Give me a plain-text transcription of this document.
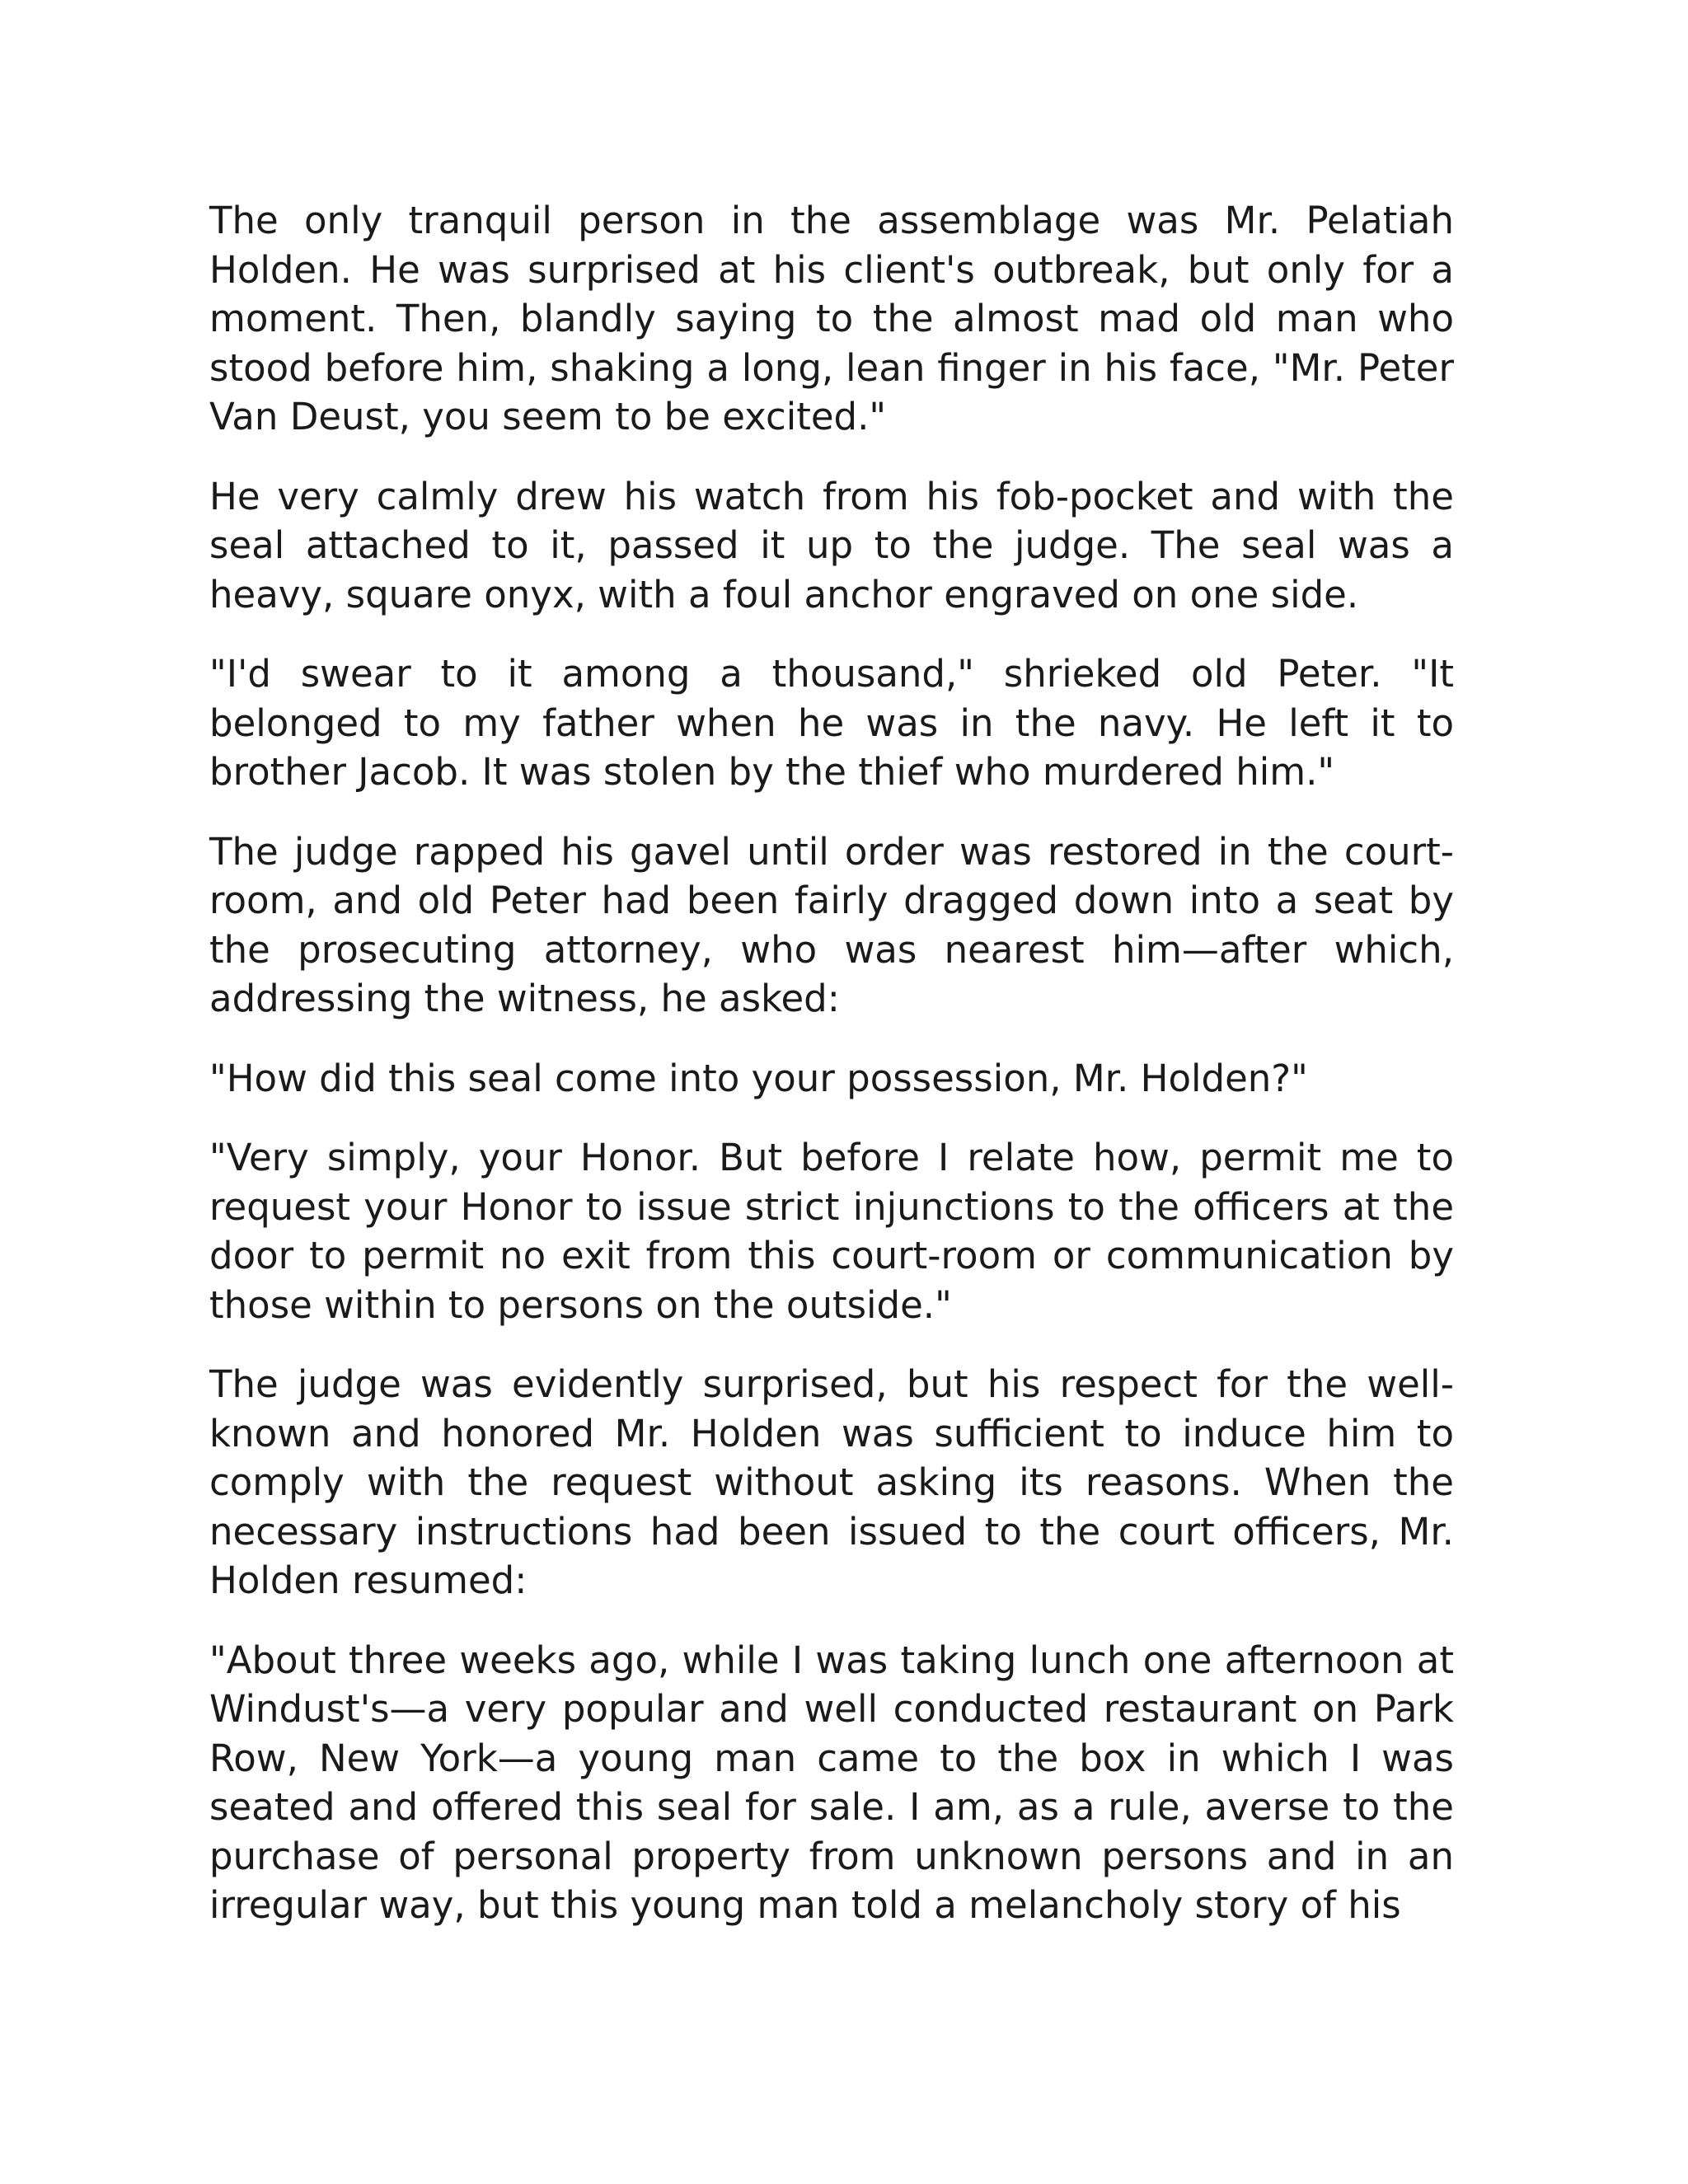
The only tranquil person in the assemblage was Mr. Pelatiah Holden. He was surprised at his client's outbreak, but only for a moment. Then, blandly saying to the almost mad old man who stood before him, shaking a long, lean finger in his face, "Mr. Peter Van Deust, you seem to be excited."

He very calmly drew his watch from his fob-pocket and with the seal attached to it, passed it up to the judge. The seal was a heavy, square onyx, with a foul anchor engraved on one side.

"I'd swear to it among a thousand," shrieked old Peter. "It belonged to my father when he was in the navy. He left it to brother Jacob. It was stolen by the thief who murdered him."

The judge rapped his gavel until order was restored in the court-room, and old Peter had been fairly dragged down into a seat by the prosecuting attorney, who was nearest him—after which, addressing the witness, he asked:

"How did this seal come into your possession, Mr. Holden?"

"Very simply, your Honor. But before I relate how, permit me to request your Honor to issue strict injunctions to the officers at the door to permit no exit from this court-room or communication by those within to persons on the outside."

The judge was evidently surprised, but his respect for the well-known and honored Mr. Holden was sufficient to induce him to comply with the request without asking its reasons. When the necessary instructions had been issued to the court officers, Mr. Holden resumed:

"About three weeks ago, while I was taking lunch one afternoon at Windust's—a very popular and well conducted restaurant on Park Row, New York—a young man came to the box in which I was seated and offered this seal for sale. I am, as a rule, averse to the purchase of personal property from unknown persons and in an irregular way, but this young man told a melancholy story of his
